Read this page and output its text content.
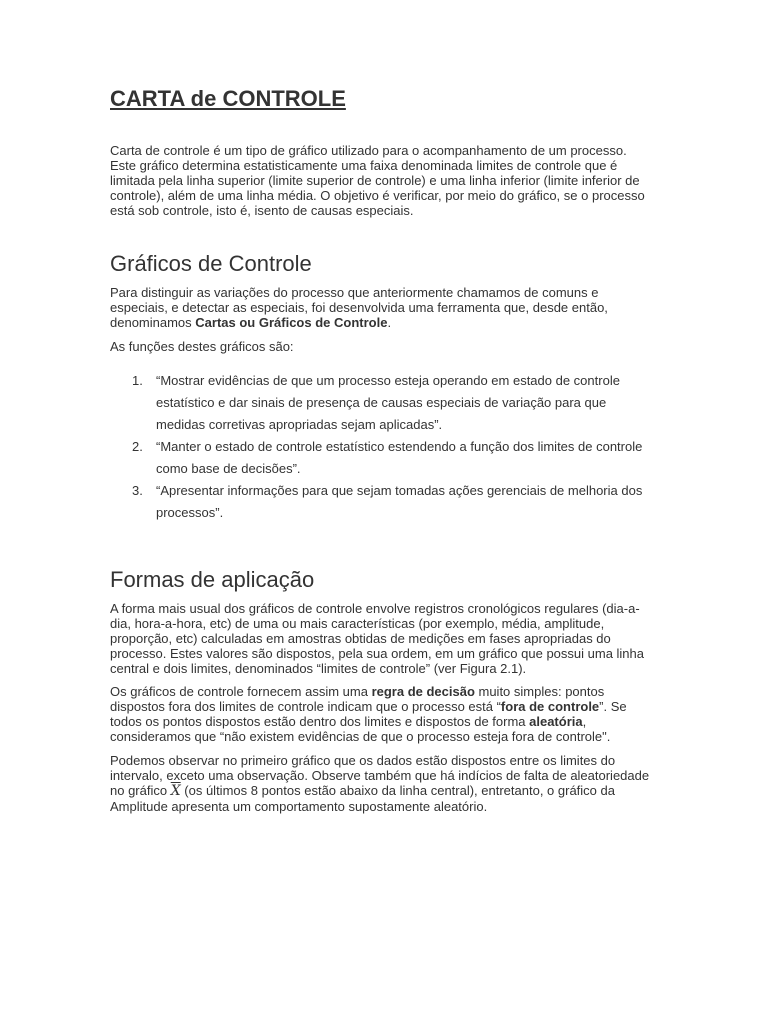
CARTA de CONTROLE

Carta de controle é um tipo de gráfico utilizado para o acompanhamento de um processo. Este gráfico determina estatisticamente uma faixa denominada limites de controle que é limitada pela linha superior (limite superior de controle) e uma linha inferior (limite inferior de controle), além de uma linha média. O objetivo é verificar, por meio do gráfico, se o processo está sob controle, isto é, isento de causas especiais.

Gráficos de Controle

Para distinguir as variações do processo que anteriormente chamamos de comuns e especiais, e detectar as especiais, foi desenvolvida uma ferramenta que, desde então, denominamos Cartas ou Gráficos de Controle.

As funções destes gráficos são:

1. “Mostrar evidências de que um processo esteja operando em estado de controle estatístico e dar sinais de presença de causas especiais de variação para que medidas corretivas apropriadas sejam aplicadas”.
2. “Manter o estado de controle estatístico estendendo a função dos limites de controle como base de decisões”.
3. “Apresentar informações para que sejam tomadas ações gerenciais de melhoria dos processos”.
Formas de aplicação

A forma mais usual dos gráficos de controle envolve registros cronológicos regulares (dia-a-dia, hora-a-hora, etc) de uma ou mais características (por exemplo, média, amplitude, proporção, etc) calculadas em amostras obtidas de medições em fases apropriadas do processo. Estes valores são dispostos, pela sua ordem, em um gráfico que possui uma linha central e dois limites, denominados “limites de controle” (ver Figura 2.1).

Os gráficos de controle fornecem assim uma regra de decisão muito simples: pontos dispostos fora dos limites de controle indicam que o processo está “fora de controle”. Se todos os pontos dispostos estão dentro dos limites e dispostos de forma aleatória, consideramos que “não existem evidências de que o processo esteja fora de controle".

Podemos observar no primeiro gráfico que os dados estão dispostos entre os limites do intervalo, exceto uma observação. Observe também que há indícios de falta de aleatoriedade no gráfico $\overline{X}$ (os últimos 8 pontos estão abaixo da linha central), entretanto, o gráfico da Amplitude apresenta um comportamento supostamente aleatório.
